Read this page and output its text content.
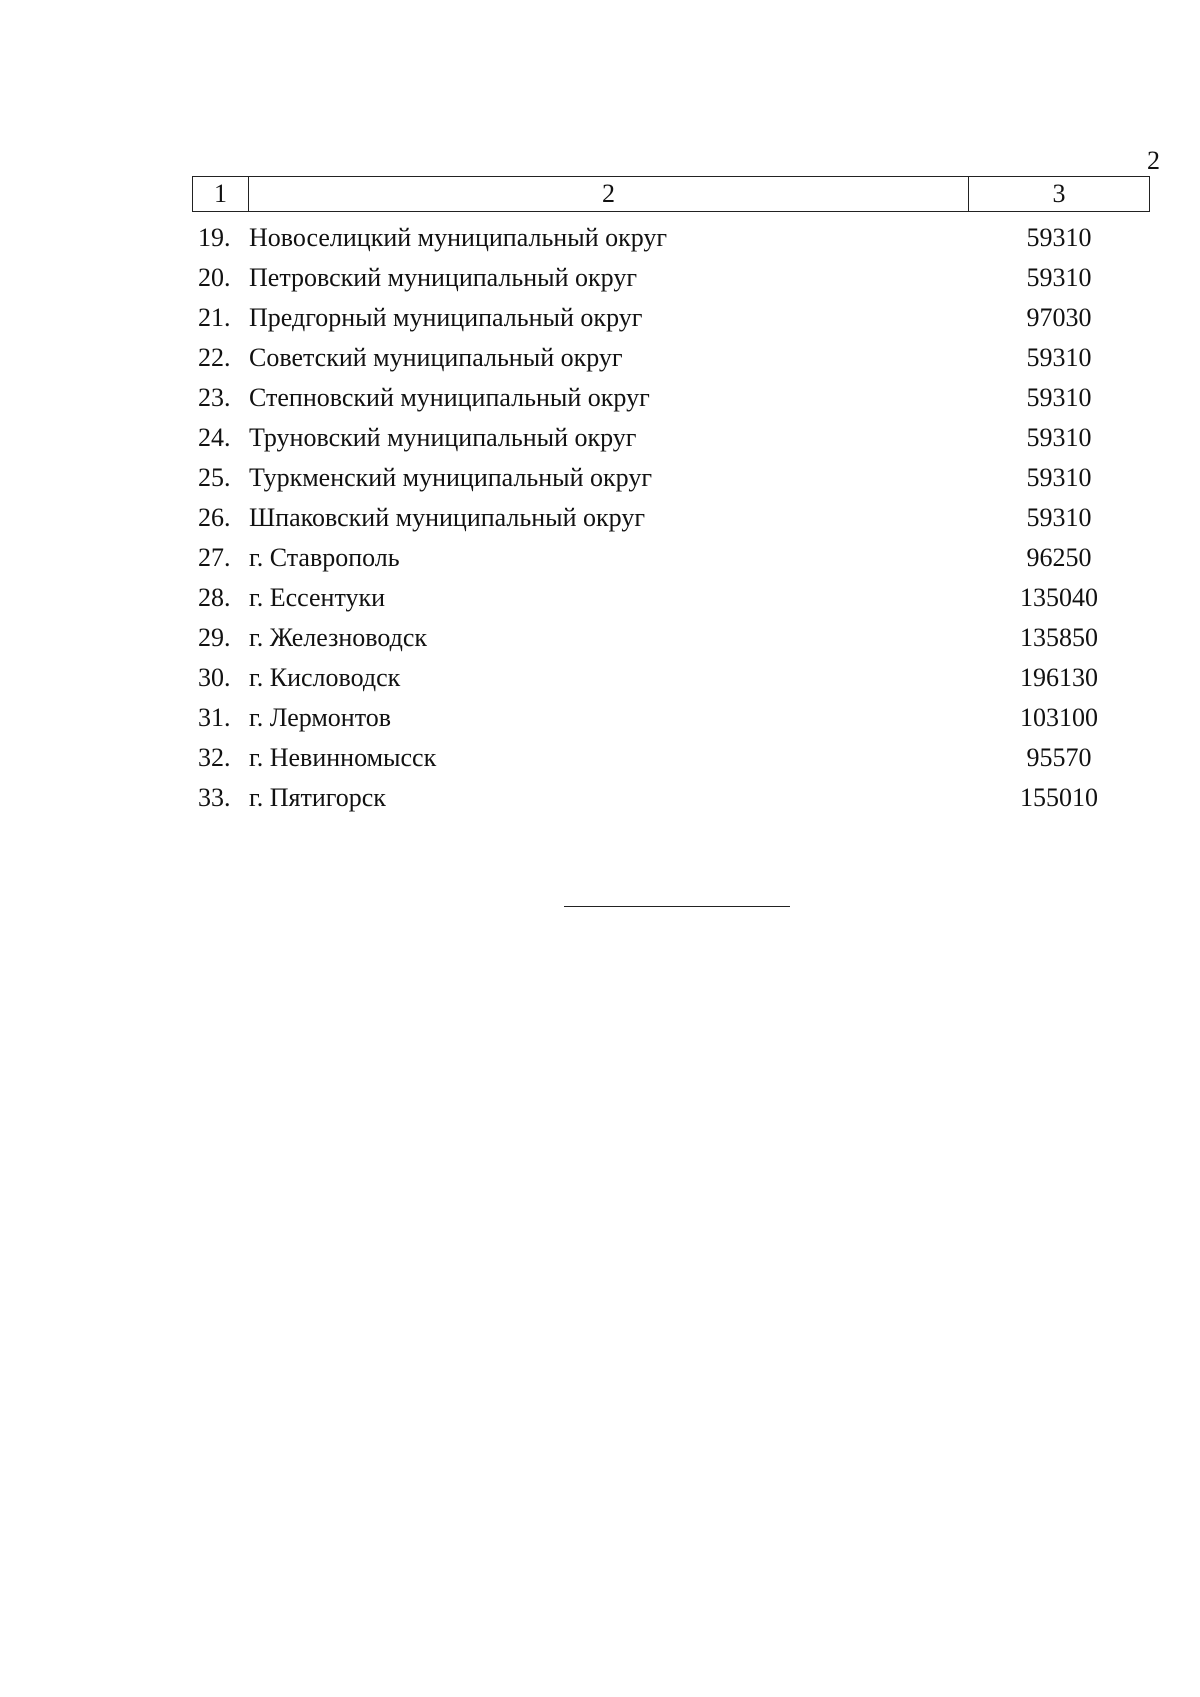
2
1	2	3
19. Новоселицкий муниципальный округ	59310
20. Петровский муниципальный округ	59310
21. Предгорный муниципальный округ	97030
22. Советский муниципальный округ	59310
23. Степновский муниципальный округ	59310
24. Труновский муниципальный округ	59310
25. Туркменский муниципальный округ	59310
26. Шпаковский муниципальный округ	59310
27. г. Ставрополь	96250
28. г. Ессентуки	135040
29. г. Железноводск	135850
30. г. Кисловодск	196130
31. г. Лермонтов	103100
32. г. Невинномысск	95570
33. г. Пятигорск	155010
